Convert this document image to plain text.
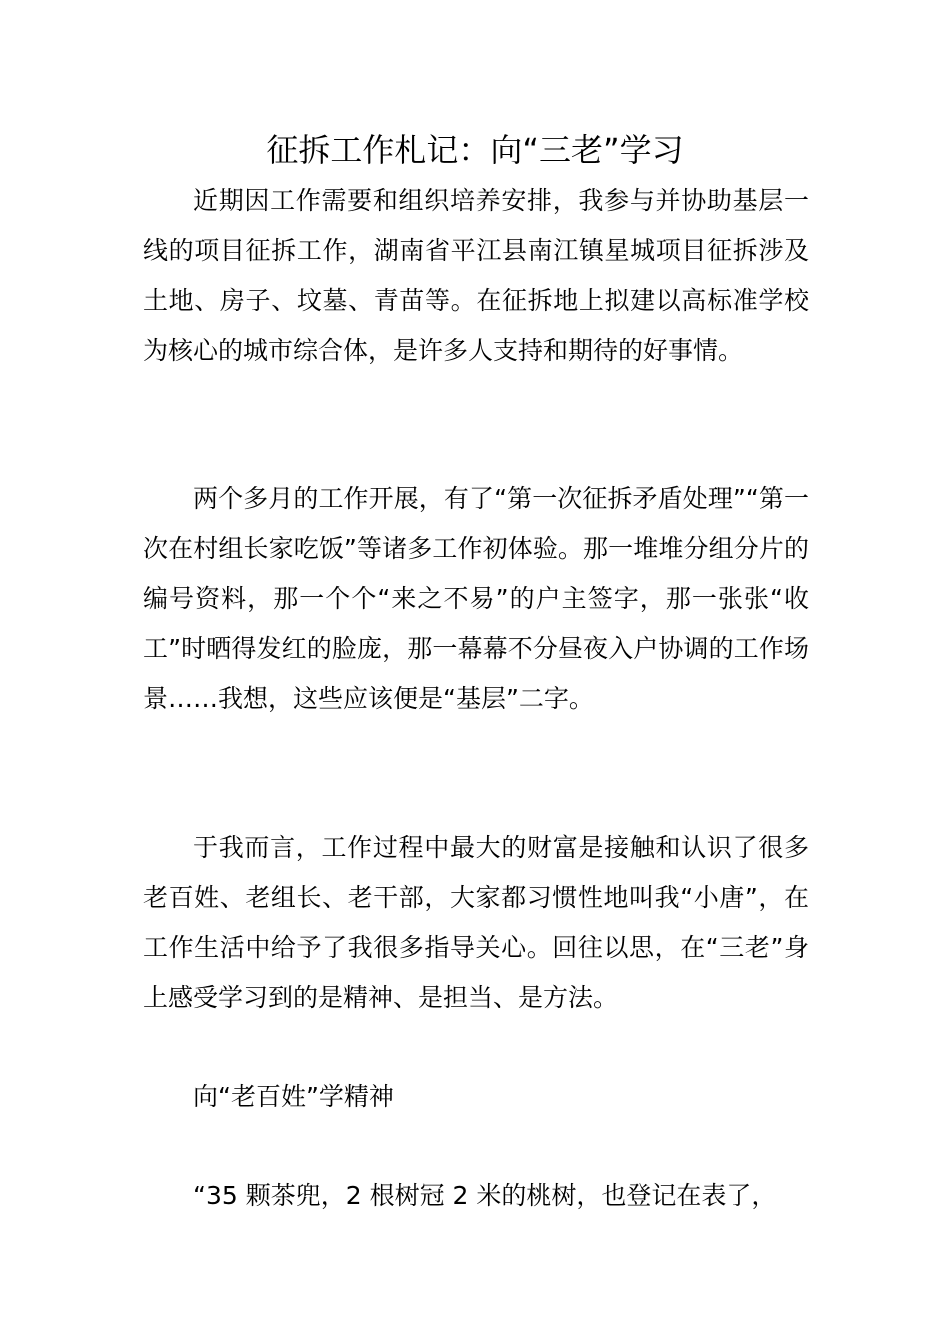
征拆工作札记：向“三老”学习

近期因工作需要和组织培养安排，我参与并协助基层一线的项目征拆工作，湖南省平江县南江镇星城项目征拆涉及土地、房子、坟墓、青苗等。在征拆地上拟建以高标准学校为核心的城市综合体，是许多人支持和期待的好事情。

两个多月的工作开展，有了“第一次征拆矛盾处理”“第一次在村组长家吃饭”等诸多工作初体验。那一堆堆分组分片的编号资料，那一个个“来之不易”的户主签字，那一张张“收工”时晒得发红的脸庞，那一幕幕不分昼夜入户协调的工作场景……我想，这些应该便是“基层”二字。

于我而言，工作过程中最大的财富是接触和认识了很多老百姓、老组长、老干部，大家都习惯性地叫我“小唐”，在工作生活中给予了我很多指导关心。回往以思，在“三老”身上感受学习到的是精神、是担当、是方法。

向“老百姓”学精神

“35 颗茶兜，2 根树冠 2 米的桃树，也登记在表了，
